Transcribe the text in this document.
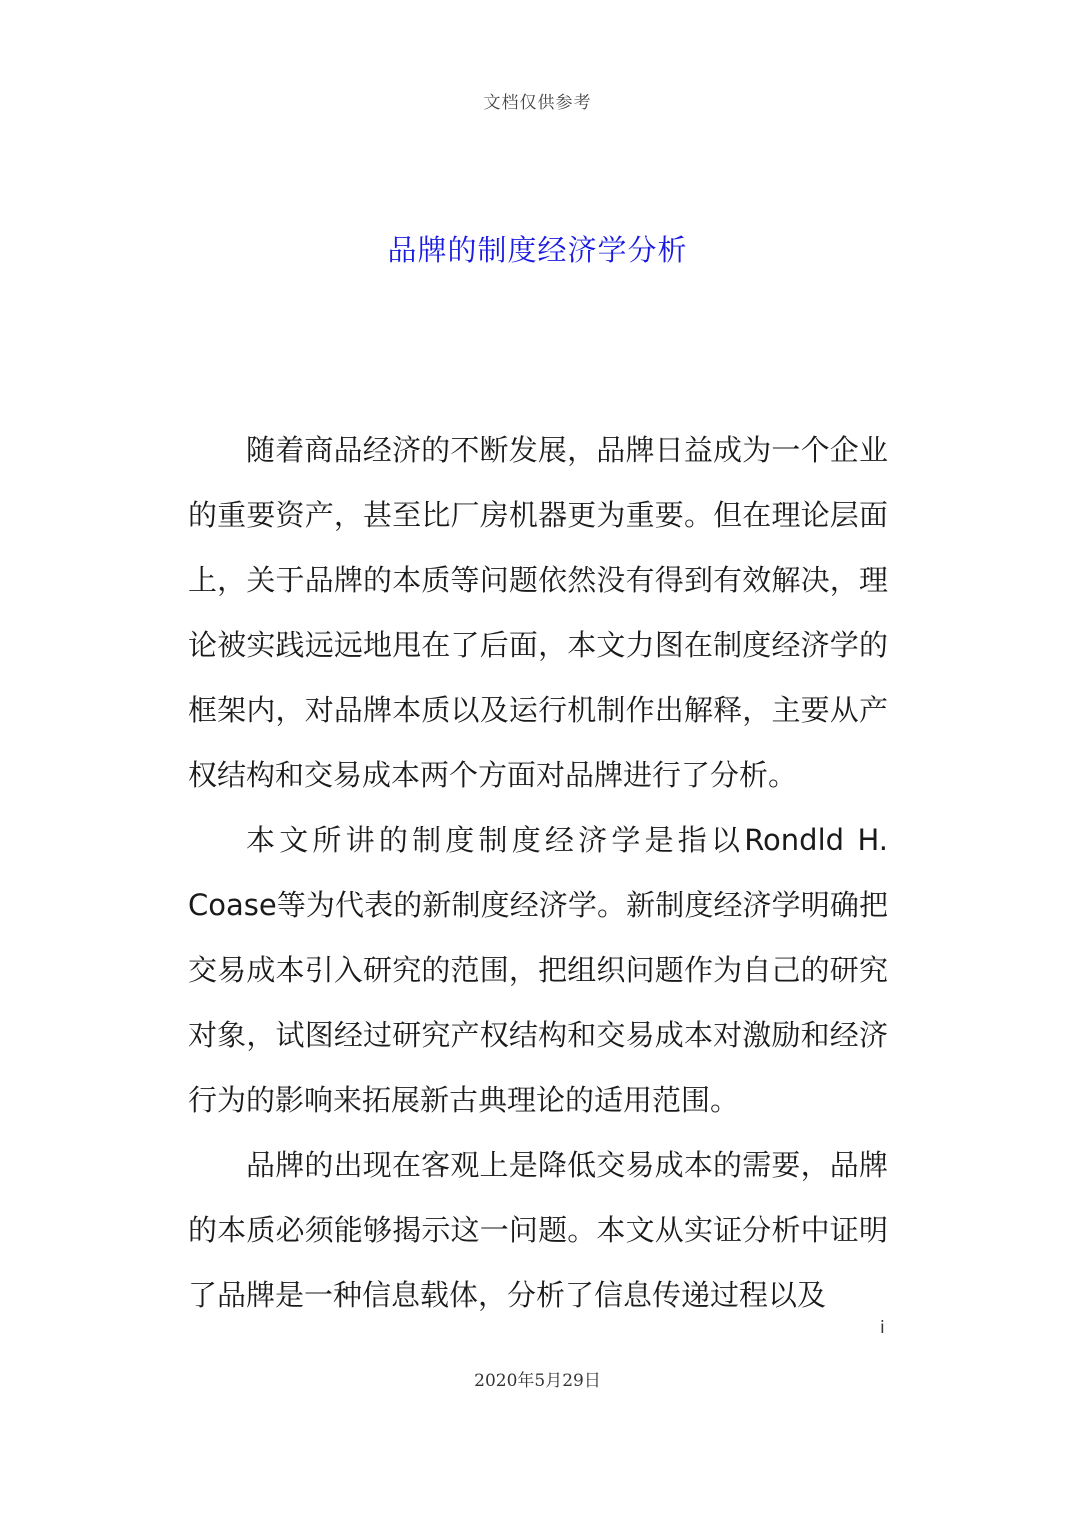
文档仅供参考
品牌的制度经济学分析

随着商品经济的不断发展，品牌日益成为一个企业的重要资产，甚至比厂房机器更为重要。但在理论层面上，关于品牌的本质等问题依然没有得到有效解决，理论被实践远远地甩在了后面，本文力图在制度经济学的框架内，对品牌本质以及运行机制作出解释，主要从产权结构和交易成本两个方面对品牌进行了分析。

本文所讲的制度制度经济学是指以Rondld H. Coase等为代表的新制度经济学。新制度经济学明确把交易成本引入研究的范围，把组织问题作为自己的研究对象，试图经过研究产权结构和交易成本对激励和经济行为的影响来拓展新古典理论的适用范围。

品牌的出现在客观上是降低交易成本的需要，品牌的本质必须能够揭示这一问题。本文从实证分析中证明了品牌是一种信息载体，分析了信息传递过程以及

i
2020年5月29日
